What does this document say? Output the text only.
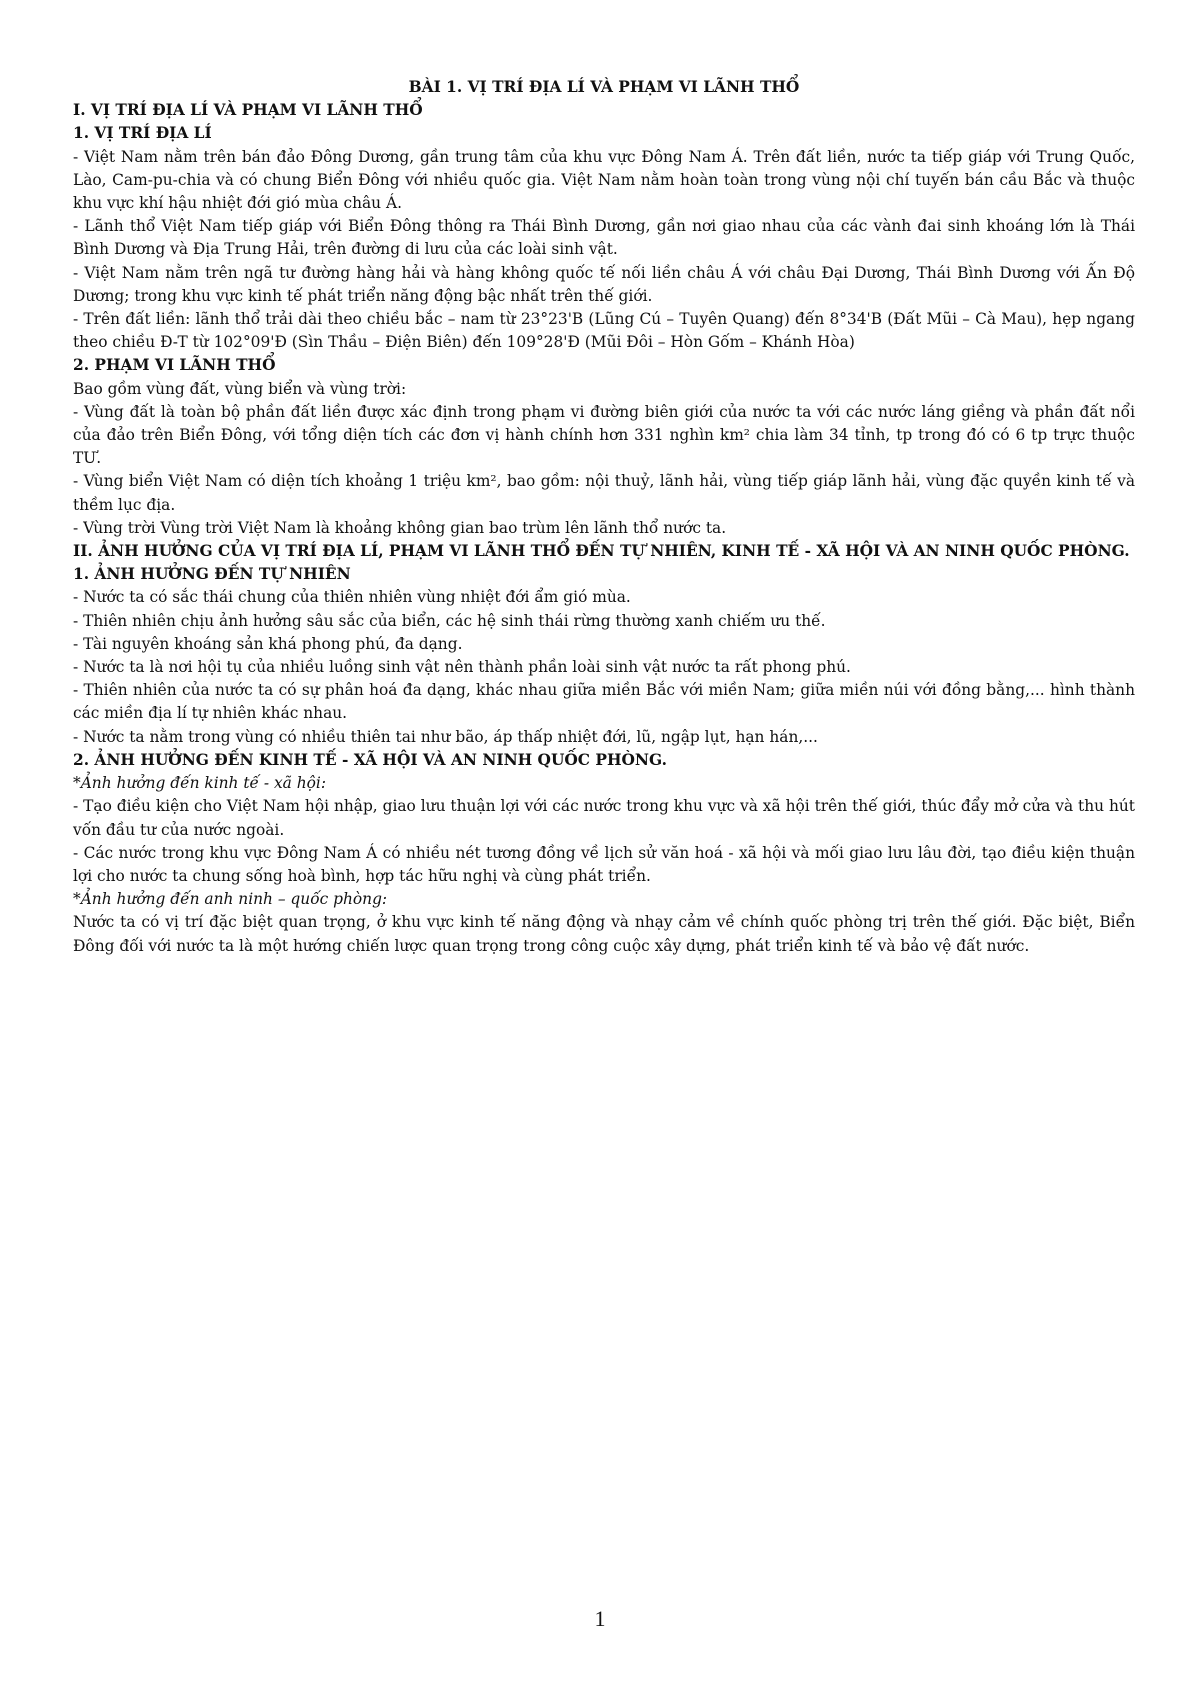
BÀI 1. VỊ TRÍ ĐỊA LÍ VÀ PHẠM VI LÃNH THỔ
I. VỊ TRÍ ĐỊA LÍ VÀ PHẠM VI LÃNH THỔ
1. VỊ TRÍ ĐỊA LÍ
- Việt Nam nằm trên bán đảo Đông Dương, gần trung tâm của khu vực Đông Nam Á. Trên đất liền, nước ta tiếp giáp với Trung Quốc, Lào, Cam-pu-chia và có chung Biển Đông với nhiều quốc gia. Việt Nam nằm hoàn toàn trong vùng nội chí tuyến bán cầu Bắc và thuộc khu vực khí hậu nhiệt đới gió mùa châu Á.
- Lãnh thổ Việt Nam tiếp giáp với Biển Đông thông ra Thái Bình Dương, gần nơi giao nhau của các vành đai sinh khoáng lớn là Thái Bình Dương và Địa Trung Hải, trên đường di lưu của các loài sinh vật.
- Việt Nam nằm trên ngã tư đường hàng hải và hàng không quốc tế nối liền châu Á với châu Đại Dương, Thái Bình Dương với Ấn Độ Dương; trong khu vực kinh tế phát triển năng động bậc nhất trên thế giới.
- Trên đất liền: lãnh thổ trải dài theo chiều bắc – nam từ 23°23'B (Lũng Cú – Tuyên Quang) đến 8°34'B (Đất Mũi – Cà Mau), hẹp ngang theo chiều Đ-T từ 102°09'Đ (Sìn Thầu – Điện Biên) đến 109°28'Đ (Mũi Đôi – Hòn Gốm – Khánh Hòa)
2. PHẠM VI LÃNH THỔ
Bao gồm vùng đất, vùng biển và vùng trời:
- Vùng đất là toàn bộ phần đất liền được xác định trong phạm vi đường biên giới của nước ta với các nước láng giềng và phần đất nổi của đảo trên Biển Đông, với tổng diện tích các đơn vị hành chính hơn 331 nghìn km² chia làm 34 tỉnh, tp trong đó có 6 tp trực thuộc TƯ.
- Vùng biển Việt Nam có diện tích khoảng 1 triệu km², bao gồm: nội thuỷ, lãnh hải, vùng tiếp giáp lãnh hải, vùng đặc quyền kinh tế và thềm lục địa.
- Vùng trời Vùng trời Việt Nam là khoảng không gian bao trùm lên lãnh thổ nước ta.
II. ẢNH HƯỞNG CỦA VỊ TRÍ ĐỊA LÍ, PHẠM VI LÃNH THỔ ĐẾN TỰ NHIÊN, KINH TẾ - XÃ HỘI VÀ AN NINH QUỐC PHÒNG.
1. ẢNH HƯỞNG ĐẾN TỰ NHIÊN
- Nước ta có sắc thái chung của thiên nhiên vùng nhiệt đới ẩm gió mùa.
- Thiên nhiên chịu ảnh hưởng sâu sắc của biển, các hệ sinh thái rừng thường xanh chiếm ưu thế.
- Tài nguyên khoáng sản khá phong phú, đa dạng.
- Nước ta là nơi hội tụ của nhiều luồng sinh vật nên thành phần loài sinh vật nước ta rất phong phú.
- Thiên nhiên của nước ta có sự phân hoá đa dạng, khác nhau giữa miền Bắc với miền Nam; giữa miền núi với đồng bằng,... hình thành các miền địa lí tự nhiên khác nhau.
- Nước ta nằm trong vùng có nhiều thiên tai như bão, áp thấp nhiệt đới, lũ, ngập lụt, hạn hán,...
2. ẢNH HƯỞNG ĐẾN KINH TẾ - XÃ HỘI VÀ AN NINH QUỐC PHÒNG.
*Ảnh hưởng đến kinh tế - xã hội:
- Tạo điều kiện cho Việt Nam hội nhập, giao lưu thuận lợi với các nước trong khu vực và xã hội trên thế giới, thúc đẩy mở cửa và thu hút vốn đầu tư của nước ngoài.
- Các nước trong khu vực Đông Nam Á có nhiều nét tương đồng về lịch sử văn hoá - xã hội và mối giao lưu lâu đời, tạo điều kiện thuận lợi cho nước ta chung sống hoà bình, hợp tác hữu nghị và cùng phát triển.
*Ảnh hưởng đến anh ninh – quốc phòng:
Nước ta có vị trí đặc biệt quan trọng, ở khu vực kinh tế năng động và nhạy cảm về chính quốc phòng trị trên thế giới. Đặc biệt, Biển Đông đối với nước ta là một hướng chiến lược quan trọng trong công cuộc xây dựng, phát triển kinh tế và bảo vệ đất nước.
1
